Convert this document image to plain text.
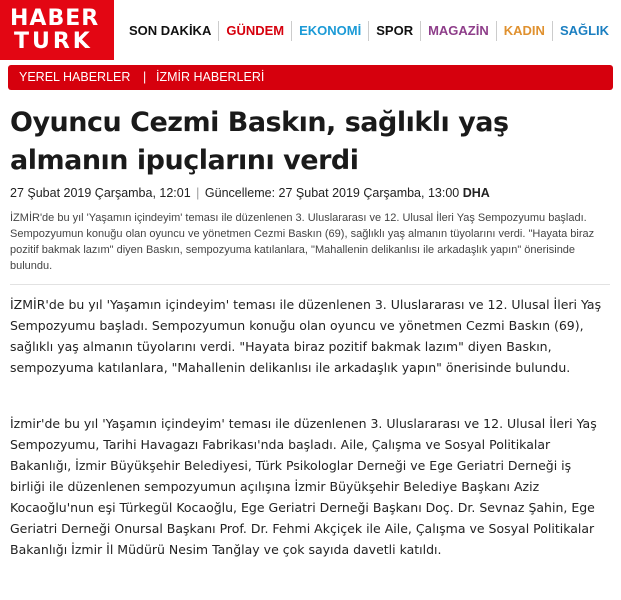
HABER
TURK	SON DAKİKA	GÜNDEM	EKONOMİ	SPOR	MAGAZİN	KADIN	SAĞLIK
YEREL HABERLER | İZMİR HABERLERİ
Oyuncu Cezmi Baskın, sağlıklı yaş almanın ipuçlarını verdi
27 Şubat 2019 Çarşamba, 12:01 | Güncelleme: 27 Şubat 2019 Çarşamba, 13:00 DHA
İZMİR'de bu yıl 'Yaşamın içindeyim' teması ile düzenlenen 3. Uluslararası ve 12. Ulusal İleri Yaş Sempozyumu başladı. Sempozyumun konuğu olan oyuncu ve yönetmen Cezmi Baskın (69), sağlıklı yaş almanın tüyolarını verdi. "Hayata biraz pozitif bakmak lazım" diyen Baskın, sempozyuma katılanlara, "Mahallenin delikanlısı ile arkadaşlık yapın" önerisinde bulundu.

İZMİR'de bu yıl 'Yaşamın içindeyim' teması ile düzenlenen 3. Uluslararası ve 12. Ulusal İleri Yaş Sempozyumu başladı. Sempozyumun konuğu olan oyuncu ve yönetmen Cezmi Baskın (69), sağlıklı yaş almanın tüyolarını verdi. "Hayata biraz pozitif bakmak lazım" diyen Baskın, sempozyuma katılanlara, "Mahallenin delikanlısı ile arkadaşlık yapın" önerisinde bulundu.

İzmir'de bu yıl 'Yaşamın içindeyim' teması ile düzenlenen 3. Uluslararası ve 12. Ulusal İleri Yaş Sempozyumu, Tarihi Havagazı Fabrikası'nda başladı. Aile, Çalışma ve Sosyal Politikalar Bakanlığı, İzmir Büyükşehir Belediyesi, Türk Psikologlar Derneği ve Ege Geriatri Derneği iş birliği ile düzenlenen sempozyumun açılışına İzmir Büyükşehir Belediye Başkanı Aziz Kocaoğlu'nun eşi Türkegül Kocaoğlu, Ege Geriatri Derneği Başkanı Doç. Dr. Sevnaz Şahin, Ege Geriatri Derneği Onursal Başkanı Prof. Dr. Fehmi Akçiçek ile Aile, Çalışma ve Sosyal Politikalar Bakanlığı İzmir İl Müdürü Nesim Tanğlay ve çok sayıda davetli katıldı.
